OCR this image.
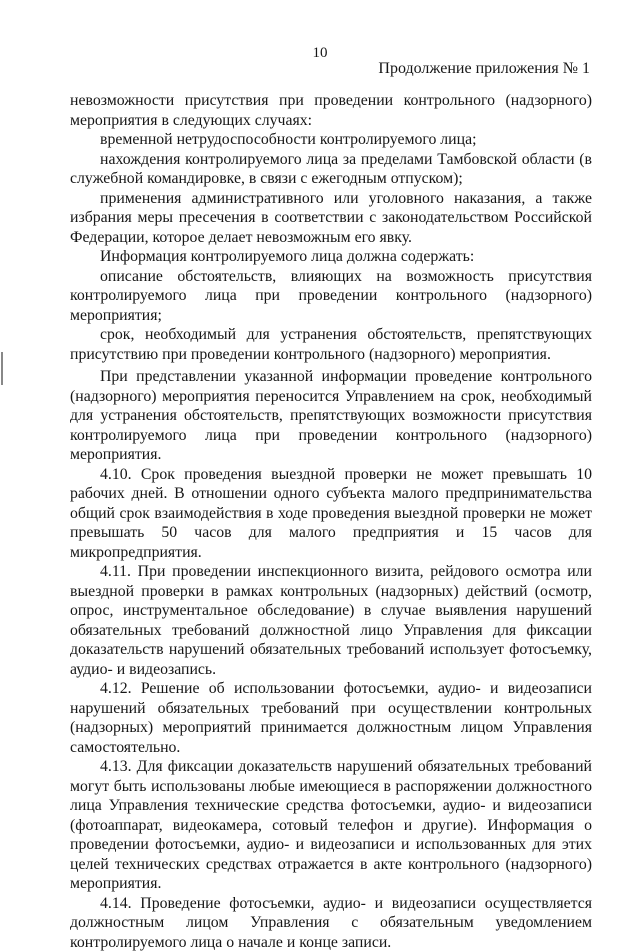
10
Продолжение приложения № 1

невозможности присутствия при проведении контрольного (надзорного) мероприятия в следующих случаях:

временной нетрудоспособности контролируемого лица;

нахождения контролируемого лица за пределами Тамбовской области (в служебной командировке, в связи с ежегодным отпуском);

применения административного или уголовного наказания, а также избрания меры пресечения в соответствии с законодательством Российской Федерации, которое делает невозможным его явку.

Информация контролируемого лица должна содержать:

описание обстоятельств, влияющих на возможность присутствия контролируемого лица при проведении контрольного (надзорного) мероприятия;

срок, необходимый для устранения обстоятельств, препятствующих присутствию при проведении контрольного (надзорного) мероприятия.

При представлении указанной информации проведение контрольного (надзорного) мероприятия переносится Управлением на срок, необходимый для устранения обстоятельств, препятствующих возможности присутствия контролируемого лица при проведении контрольного (надзорного) мероприятия.

4.10. Срок проведения выездной проверки не может превышать 10 рабочих дней. В отношении одного субъекта малого предпринимательства общий срок взаимодействия в ходе проведения выездной проверки не может превышать 50 часов для малого предприятия и 15 часов для микропредприятия.

4.11. При проведении инспекционного визита, рейдового осмотра или выездной проверки в рамках контрольных (надзорных) действий (осмотр, опрос, инструментальное обследование) в случае выявления нарушений обязательных требований должностной лицо Управления для фиксации доказательств нарушений обязательных требований использует фотосъемку, аудио- и видеозапись.

4.12. Решение об использовании фотосъемки, аудио- и видеозаписи нарушений обязательных требований при осуществлении контрольных (надзорных) мероприятий принимается должностным лицом Управления самостоятельно.

4.13. Для фиксации доказательств нарушений обязательных требований могут быть использованы любые имеющиеся в распоряжении должностного лица Управления технические средства фотосъемки, аудио- и видеозаписи (фотоаппарат, видеокамера, сотовый телефон и другие). Информация о проведении фотосъемки, аудио- и видеозаписи и использованных для этих целей технических средствах отражается в акте контрольного (надзорного) мероприятия.

4.14. Проведение фотосъемки, аудио- и видеозаписи осуществляется должностным лицом Управления с обязательным уведомлением контролируемого лица о начале и конце записи.
